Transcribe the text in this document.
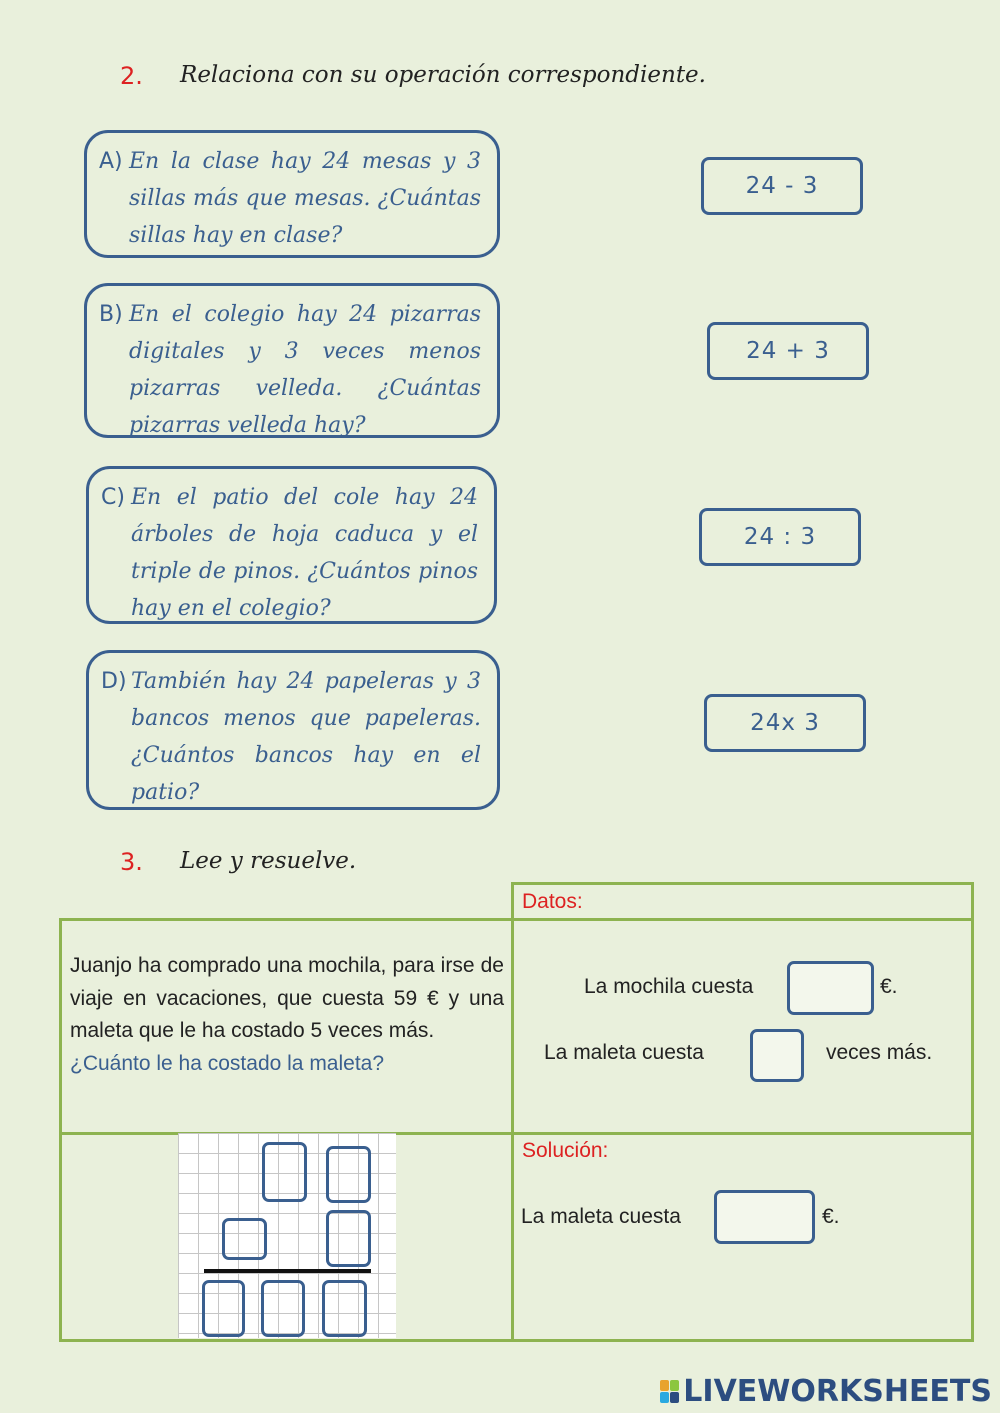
2. Relaciona con su operación correspondiente.
A) En la clase hay 24 mesas y 3 sillas más que mesas. ¿Cuántas sillas hay en clase?
B) En el colegio hay 24 pizarras digitales y 3 veces menos pizarras velleda. ¿Cuántas pizarras velleda hay?
C) En el patio del cole hay 24 árboles de hoja caduca y el triple de pinos. ¿Cuántos pinos hay en el colegio?
D) También hay 24 papeleras y 3 bancos menos que papeleras. ¿Cuántos bancos hay en el patio?
24 - 3
24 + 3
24 : 3
24x 3
3. Lee y resuelve.
Datos:
Juanjo ha comprado una mochila, para irse de viaje en vacaciones, que cuesta 59 € y una maleta que le ha costado 5 veces más.
¿Cuánto le ha costado la maleta?
La mochila cuesta	€.
La maleta cuesta	veces más.
Solución:
La maleta cuesta	€.
LIVEWORKSHEETS
